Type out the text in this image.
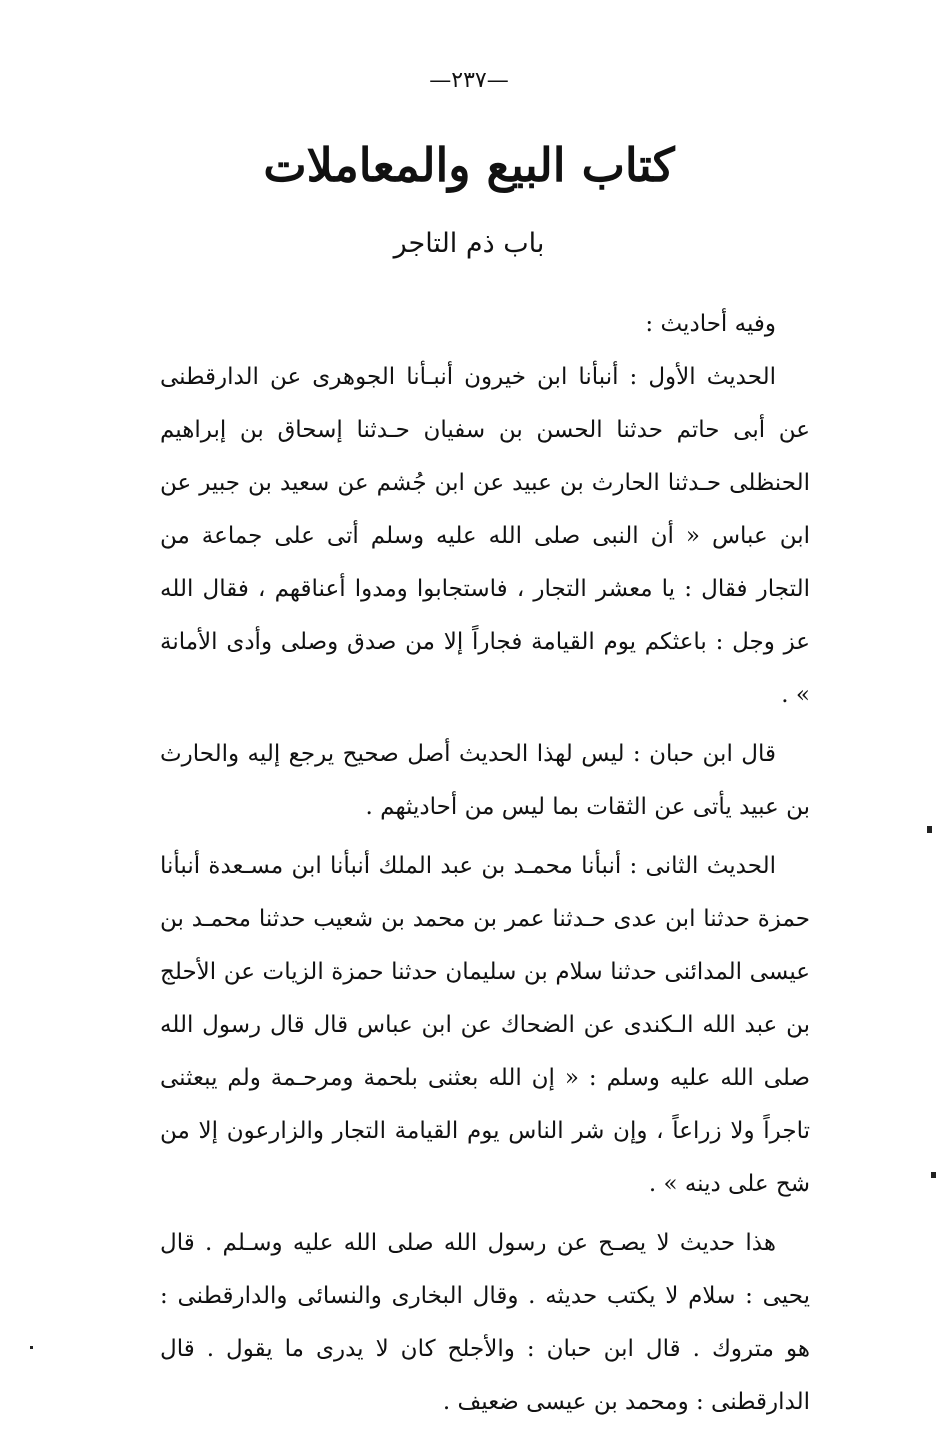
—٢٣٧—
كتاب البيع والمعاملات
باب ذم التاجر

وفيه أحاديث :

الحديث الأول : أنبأنا ابن خيرون أنبـأنا الجوهرى عن الدارقطنى عن أبى حاتم حدثنا الحسن بن سفيان حـدثنا إسحاق بن إبراهيم الحنظلى حـدثنا الحارث بن عبيد عن ابن جُشم عن سعيد بن جبير عن ابن عباس « أن النبى صلى الله عليه وسلم أتى على جماعة من التجار فقال : يا معشر التجار ، فاستجابوا ومدوا أعناقهم ، فقال الله عز وجل : باعثكم يوم القيامة فجاراً إلا من صدق وصلى وأدى الأمانة » .

قال ابن حبان : ليس لهذا الحديث أصل صحيح يرجع إليه والحارث بن عبيد يأتى عن الثقات بما ليس من أحاديثهم .

الحديث الثانى : أنبأنا محمـد بن عبد الملك أنبأنا ابن مسـعدة أنبأنا حمزة حدثنا ابن عدى حـدثنا عمر بن محمد بن شعيب حدثنا محمـد بن عيسى المدائنى حدثنا سلام بن سليمان حدثنا حمزة الزيات عن الأحلج بن عبد الله الـكندى عن الضحاك عن ابن عباس قال قال رسول الله صلى الله عليه وسلم : « إن الله بعثنى بلحمة ومرحـمة ولم يبعثنى تاجراً ولا زراعاً ، وإن شر الناس يوم القيامة التجار والزارعون إلا من شح على دينه » .

هذا حديث لا يصـح عن رسول الله صلى الله عليه وسـلم . قال يحيى : سلام لا يكتب حديثه . وقال البخارى والنسائى والدارقطنى : هو متروك . قال ابن حبان : والأجلح كان لا يدرى ما يقول . قال الدارقطنى : ومحمد بن عيسى ضعيف .
